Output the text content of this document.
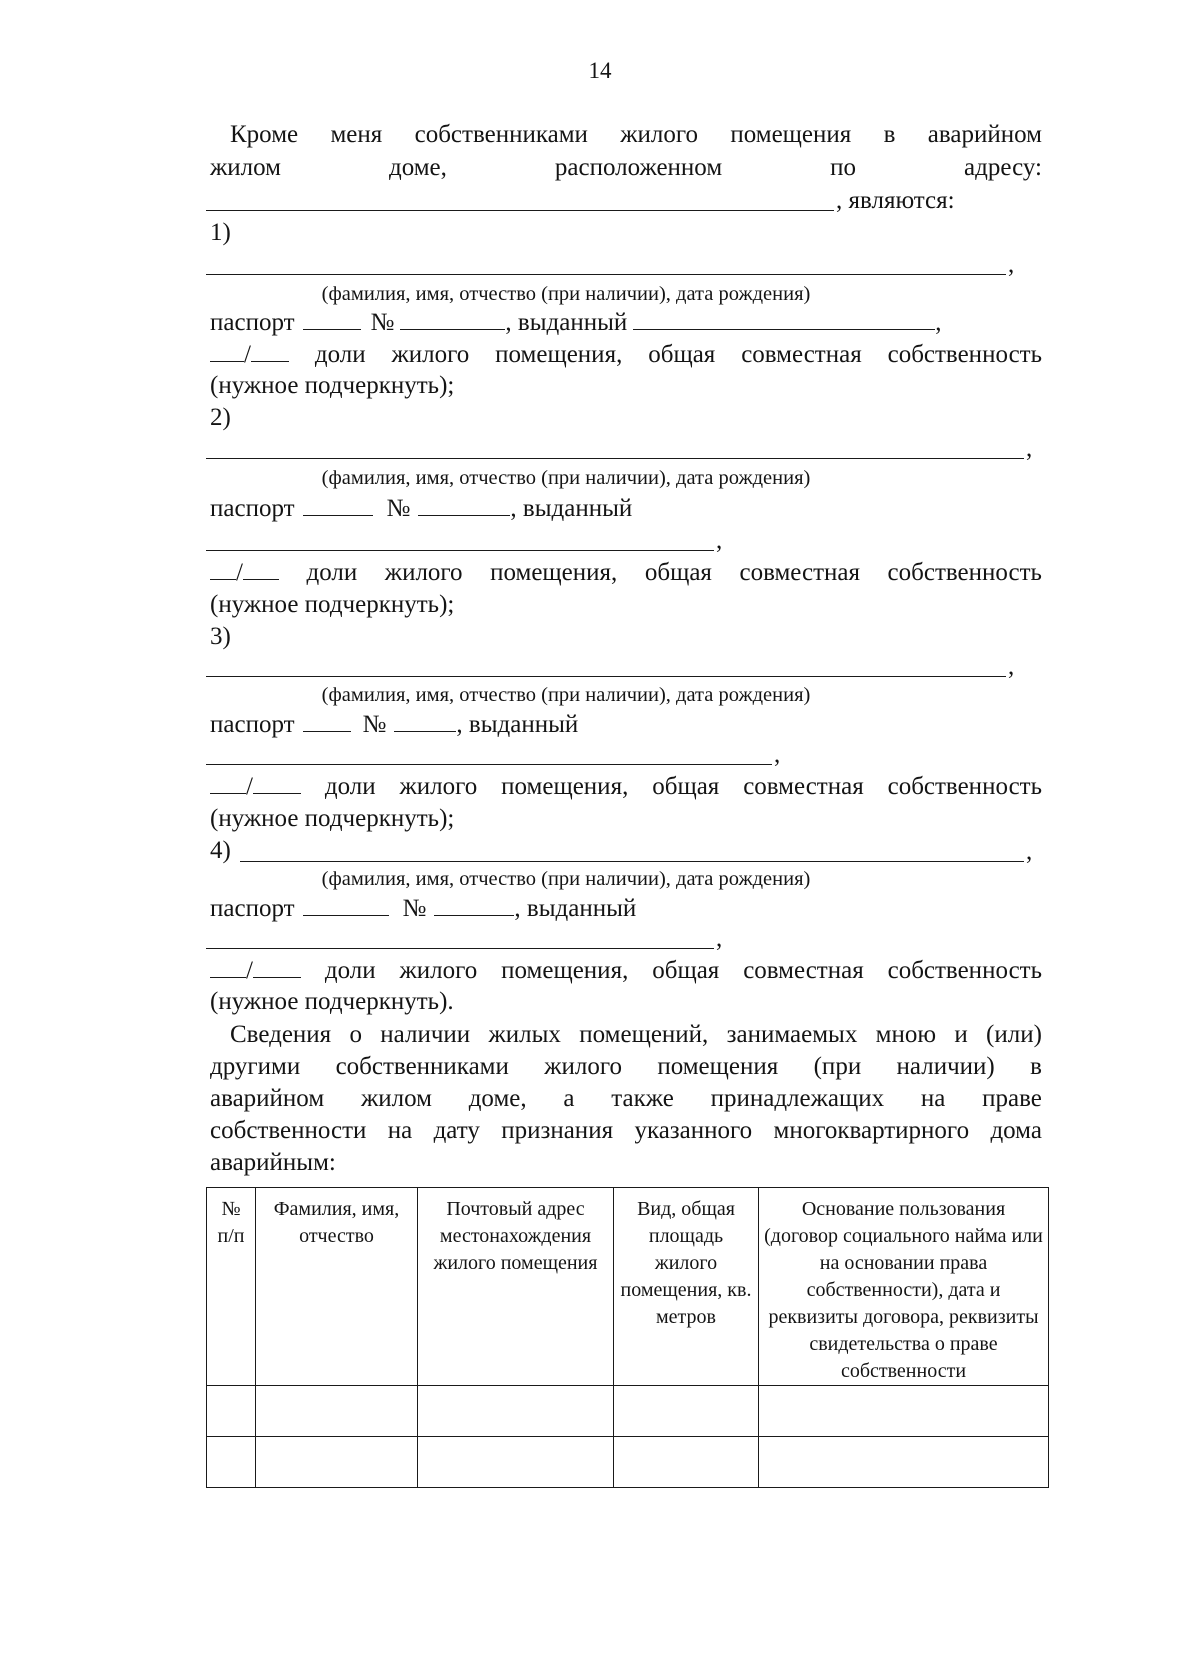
14
Кроме меня собственниками жилого помещения в аварийном
жилом	доме,	расположенном	по	адресу:
, являются:
1)
,
(фамилия, имя, отчество (при наличии), дата рождения)
паспорт	№	, выданный	,
/	доли жилого помещения, общая совместная собственность
(нужное подчеркнуть);
2)
,
(фамилия, имя, отчество (при наличии), дата рождения)
паспорт	№	, выданный
,
/	доли жилого помещения, общая совместная собственность
(нужное подчеркнуть);
3)
,
(фамилия, имя, отчество (при наличии), дата рождения)
паспорт	№	, выданный
,
/	доли жилого помещения, общая совместная собственность
(нужное подчеркнуть);
4)	,
(фамилия, имя, отчество (при наличии), дата рождения)
паспорт	№	, выданный
,
/	доли жилого помещения, общая совместная собственность
(нужное подчеркнуть).
Сведения о наличии жилых помещений, занимаемых мною и (или)
другими собственниками жилого помещения (при наличии) в
аварийном жилом доме, а также принадлежащих на праве
собственности на дату признания указанного многоквартирного дома
аварийным:
№ п/п	Фамилия, имя, отчество	Почтовый адрес местонахождения жилого помещения	Вид, общая площадь жилого помещения, кв. метров	Основание пользования (договор социального найма или на основании права собственности), дата и реквизиты договора, реквизиты свидетельства о праве собственности
